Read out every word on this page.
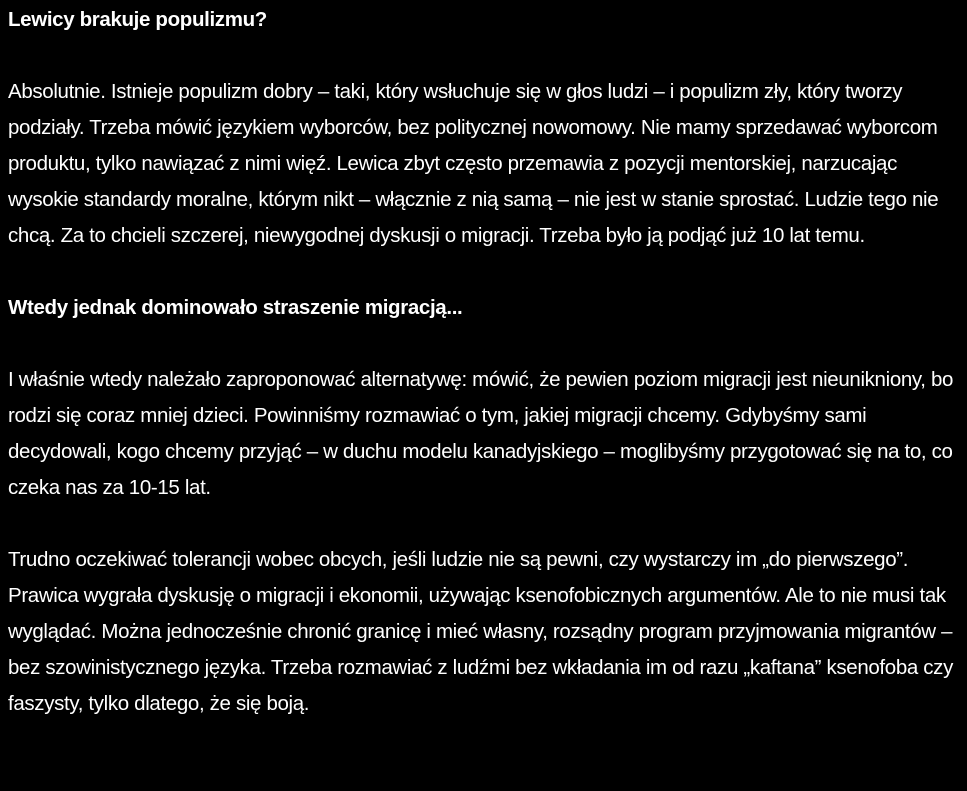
Lewicy brakuje populizmu?

Absolutnie. Istnieje populizm dobry – taki, który wsłuchuje się w głos ludzi – i populizm zły, który tworzy podziały. Trzeba mówić językiem wyborców, bez politycznej nowomowy. Nie mamy sprzedawać wyborcom produktu, tylko nawiązać z nimi więź. Lewica zbyt często przemawia z pozycji mentorskiej, narzucając wysokie standardy moralne, którym nikt – włącznie z nią samą – nie jest w stanie sprostać. Ludzie tego nie chcą. Za to chcieli szczerej, niewygodnej dyskusji o migracji. Trzeba było ją podjąć już 10 lat temu.

Wtedy jednak dominowało straszenie migracją...

I właśnie wtedy należało zaproponować alternatywę: mówić, że pewien poziom migracji jest nieunikniony, bo rodzi się coraz mniej dzieci. Powinniśmy rozmawiać o tym, jakiej migracji chcemy. Gdybyśmy sami decydowali, kogo chcemy przyjąć – w duchu modelu kanadyjskiego – moglibyśmy przygotować się na to, co czeka nas za 10-15 lat.

Trudno oczekiwać tolerancji wobec obcych, jeśli ludzie nie są pewni, czy wystarczy im „do pierwszego”. Prawica wygrała dyskusję o migracji i ekonomii, używając ksenofobicznych argumentów. Ale to nie musi tak wyglądać. Można jednocześnie chronić granicę i mieć własny, rozsądny program przyjmowania migrantów – bez szowinistycznego języka. Trzeba rozmawiać z ludźmi bez wkładania im od razu „kaftana” ksenofoba czy faszysty, tylko dlatego, że się boją.
